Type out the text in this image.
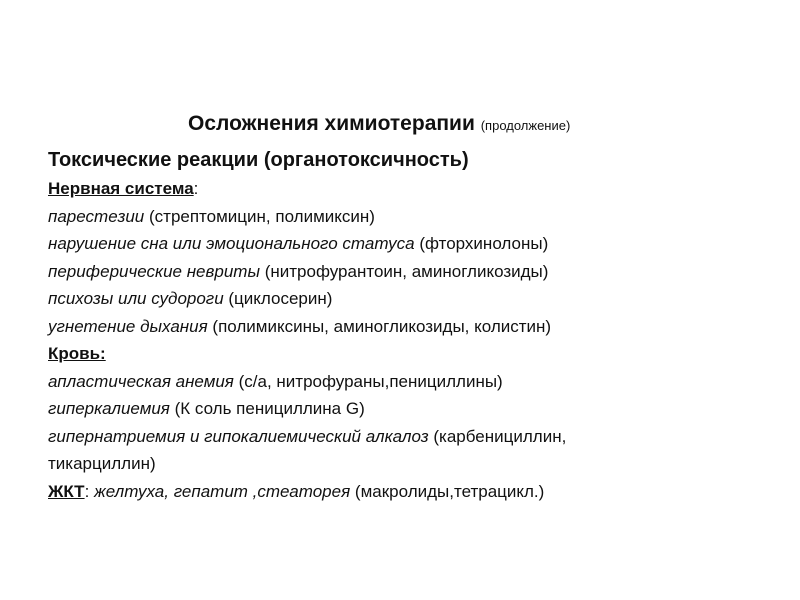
Осложнения химиотерапии (продолжение)
Токсические реакции (органотоксичность)
Нервная система:
парестезии (стрептомицин, полимиксин)
нарушение сна или эмоционального статуса (фторхинолоны)
периферические невриты (нитрофурантоин, аминогликозиды)
психозы или судороги (циклосерин)
угнетение дыхания (полимиксины, аминогликозиды, колистин)
Кровь:
апластическая анемия (с/а, нитрофураны,пенициллины)
гиперкалиемия (К соль пенициллина G)
гипернатриемия и гипокалиемический алкалоз (карбенициллин,
тикарциллин)
ЖКТ: желтуха, гепатит ,стеаторея (макролиды,тетрацикл.)
